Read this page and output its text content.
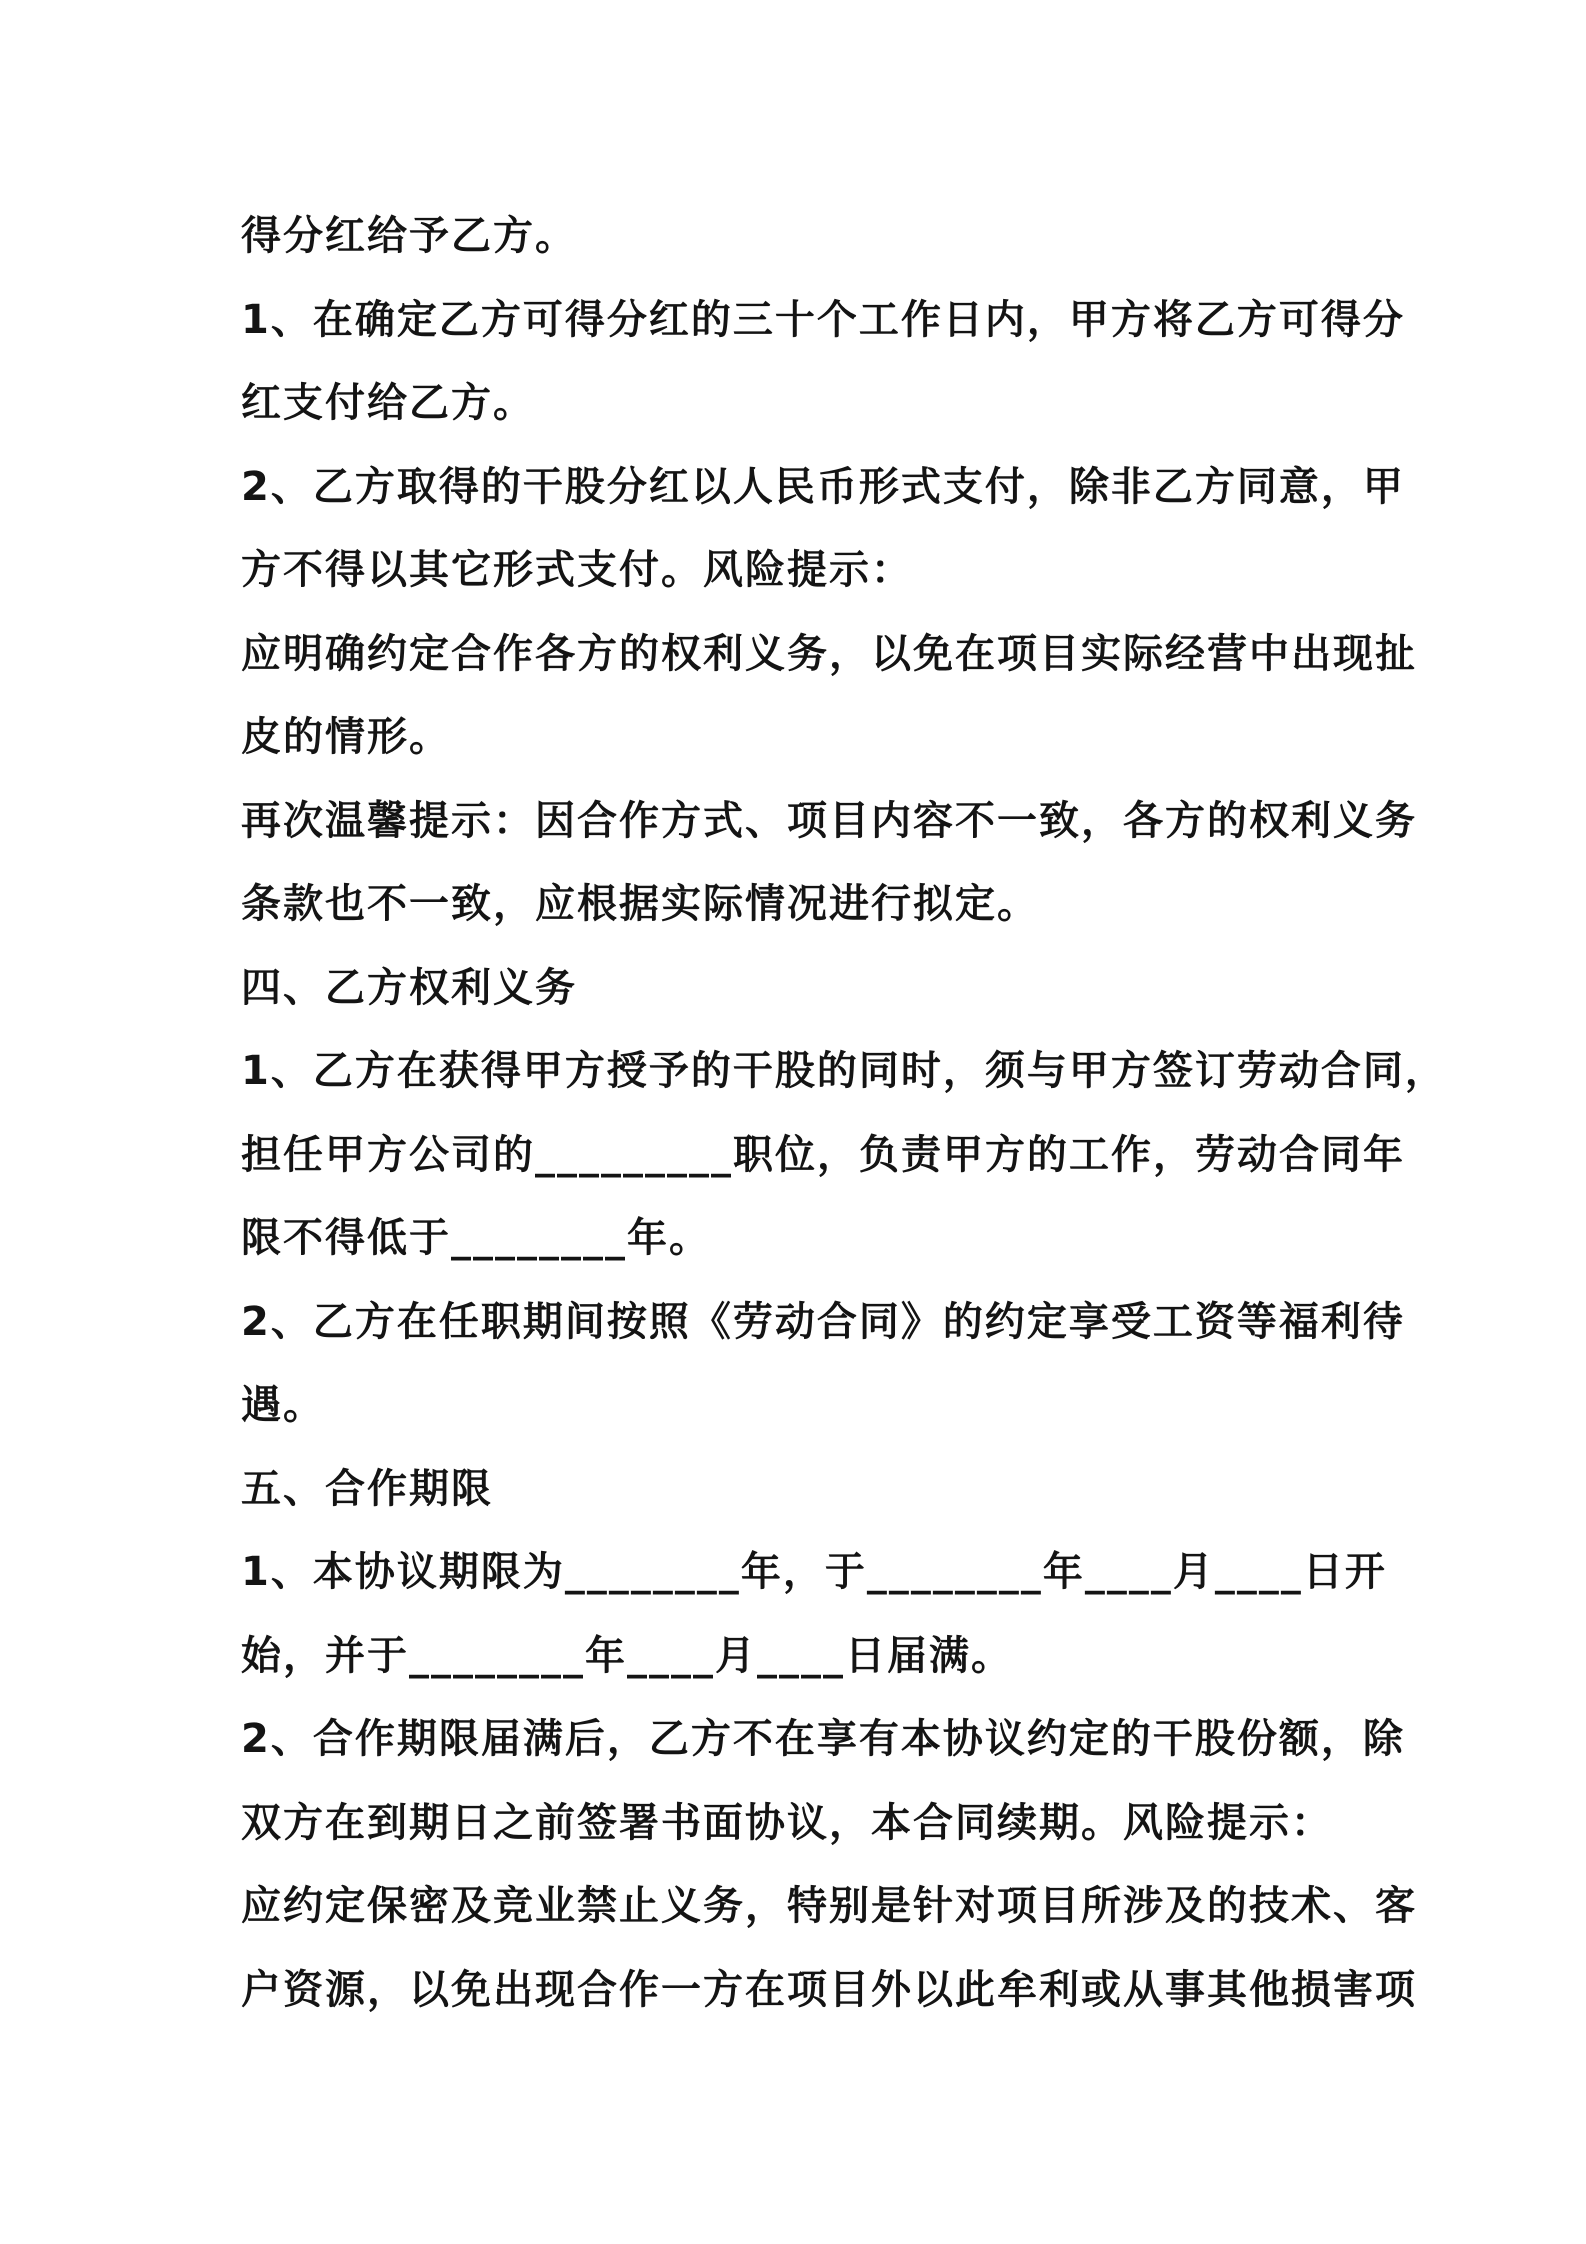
得分红给予乙方。
1、在确定乙方可得分红的三十个工作日内，甲方将乙方可得分
红支付给乙方。
2、乙方取得的干股分红以人民币形式支付，除非乙方同意，甲
方不得以其它形式支付。风险提示：
应明确约定合作各方的权利义务，以免在项目实际经营中出现扯
皮的情形。
再次温馨提示：因合作方式、项目内容不一致，各方的权利义务
条款也不一致，应根据实际情况进行拟定。
四、乙方权利义务
1、乙方在获得甲方授予的干股的同时，须与甲方签订劳动合同，
担任甲方公司的_________职位，负责甲方的工作，劳动合同年
限不得低于________年。
2、乙方在任职期间按照《劳动合同》的约定享受工资等福利待
遇。
五、合作期限
1、本协议期限为________年，于________年____月____日开
始，并于________年____月____日届满。
2、合作期限届满后，乙方不在享有本协议约定的干股份额，除
双方在到期日之前签署书面协议，本合同续期。风险提示：
应约定保密及竞业禁止义务，特别是针对项目所涉及的技术、客
户资源，以免出现合作一方在项目外以此牟利或从事其他损害项
